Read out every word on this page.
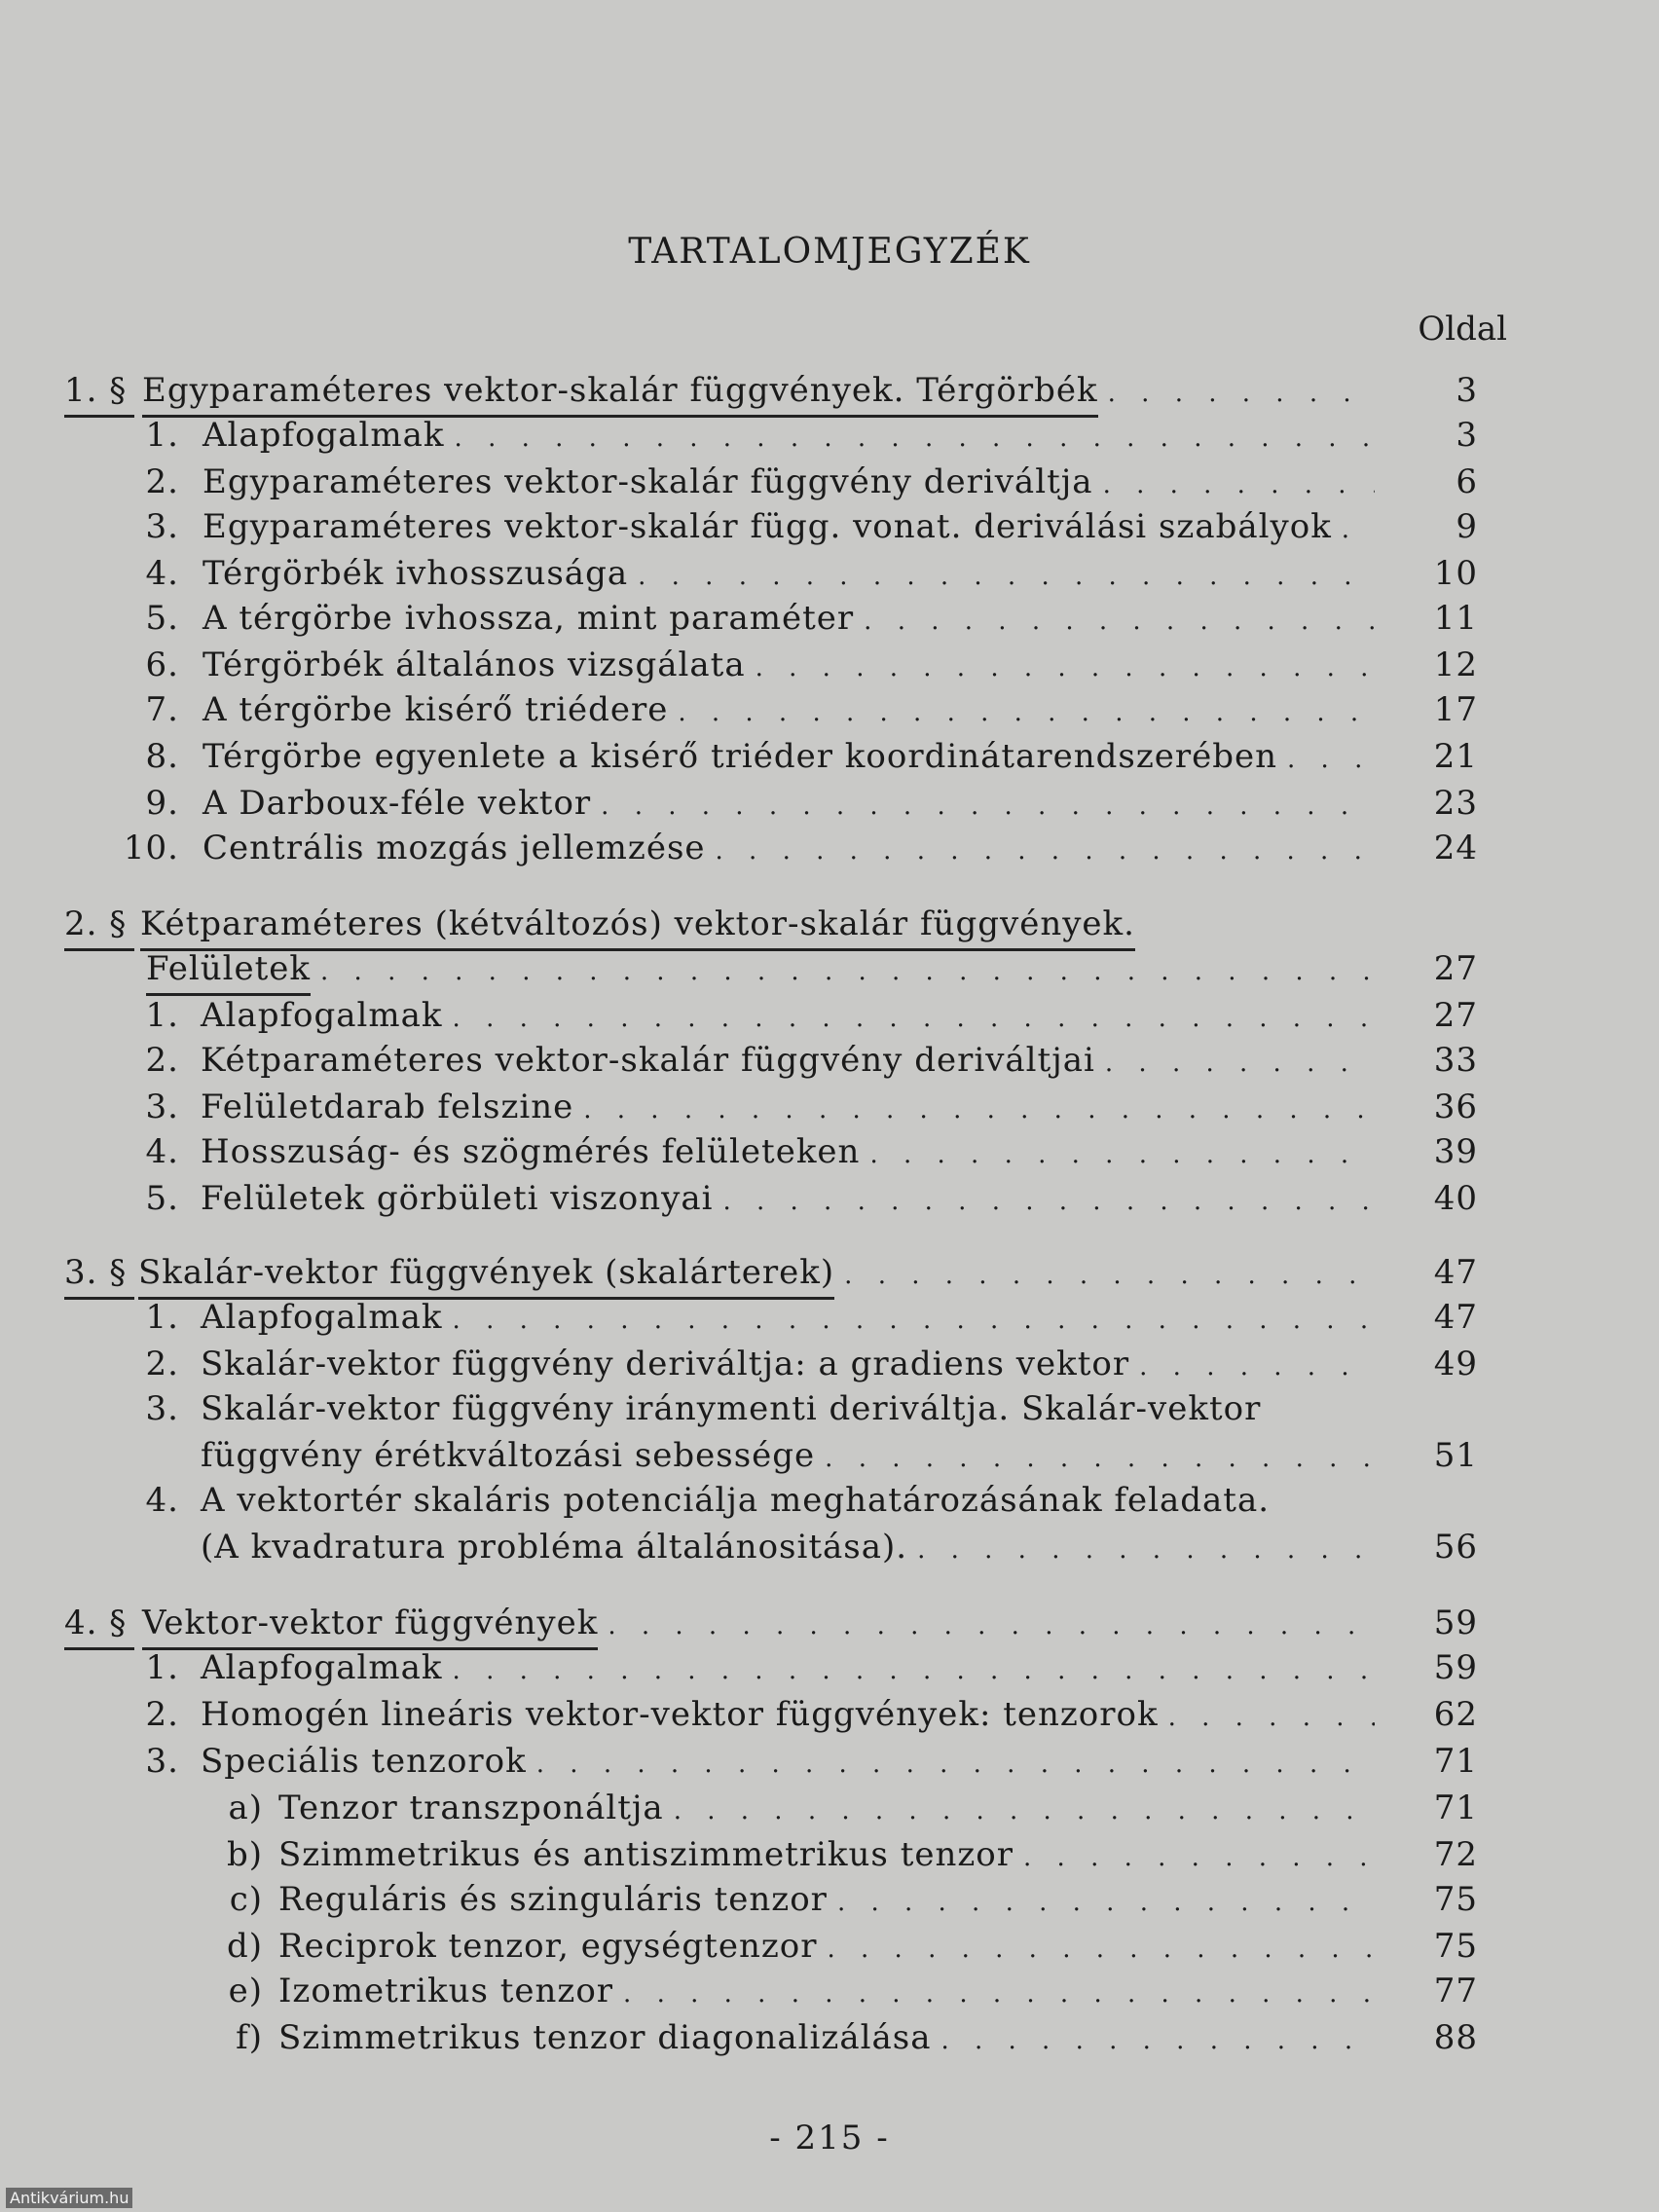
TARTALOMJEGYZÉK
Oldal
1. § Egyparaméteres vektor-skalár függvények. Térgörbék . . .	3
1. Alapfogalmak . . .	3
2. Egyparaméteres vektor-skalár függvény deriváltja . . .	6
3. Egyparaméteres vektor-skalár függ. vonat. deriválási szabályok . . .	9
4. Térgörbék ivhosszusága . . .	10
5. A térgörbe ivhossza, mint paraméter . . .	11
6. Térgörbék általános vizsgálata . . .	12
7. A térgörbe kisérő triédere . . .	17
8. Térgörbe egyenlete a kisérő triéder koordinátarendszerében . . .	21
9. A Darboux-féle vektor . . .	23
10. Centrális mozgás jellemzése . . .	24
2. § Kétparaméteres (kétváltozós) vektor-skalár függvények.
Felületek . . .	27
1. Alapfogalmak . . .	27
2. Kétparaméteres vektor-skalár függvény deriváltjai . . .	33
3. Felületdarab felszine . . .	36
4. Hosszuság- és szögmérés felületeken . . .	39
5. Felületek görbületi viszonyai . . .	40
3. § Skalár-vektor függvények (skalárterek) . . .	47
1. Alapfogalmak . . .	47
2. Skalár-vektor függvény deriváltja: a gradiens vektor . . .	49
3. Skalár-vektor függvény iránymenti deriváltja. Skalár-vektor
függvény érétkváltozási sebessége . . .	51
4. A vektortér skaláris potenciálja meghatározásának feladata.
(A kvadratura probléma általánositása). . . .	56
4. § Vektor-vektor függvények . . .	59
1. Alapfogalmak . . .	59
2. Homogén lineáris vektor-vektor függvények: tenzorok . . .	62
3. Speciális tenzorok . . .	71
a) Tenzor transzponáltja . . .	71
b) Szimmetrikus és antiszimmetrikus tenzor . . .	72
c) Reguláris és szinguláris tenzor . . .	75
d) Reciprok tenzor, egységtenzor . . .	75
e) Izometrikus tenzor . . .	77
f) Szimmetrikus tenzor diagonalizálása . . .	88
- 215 -
Antikvárium.hu
